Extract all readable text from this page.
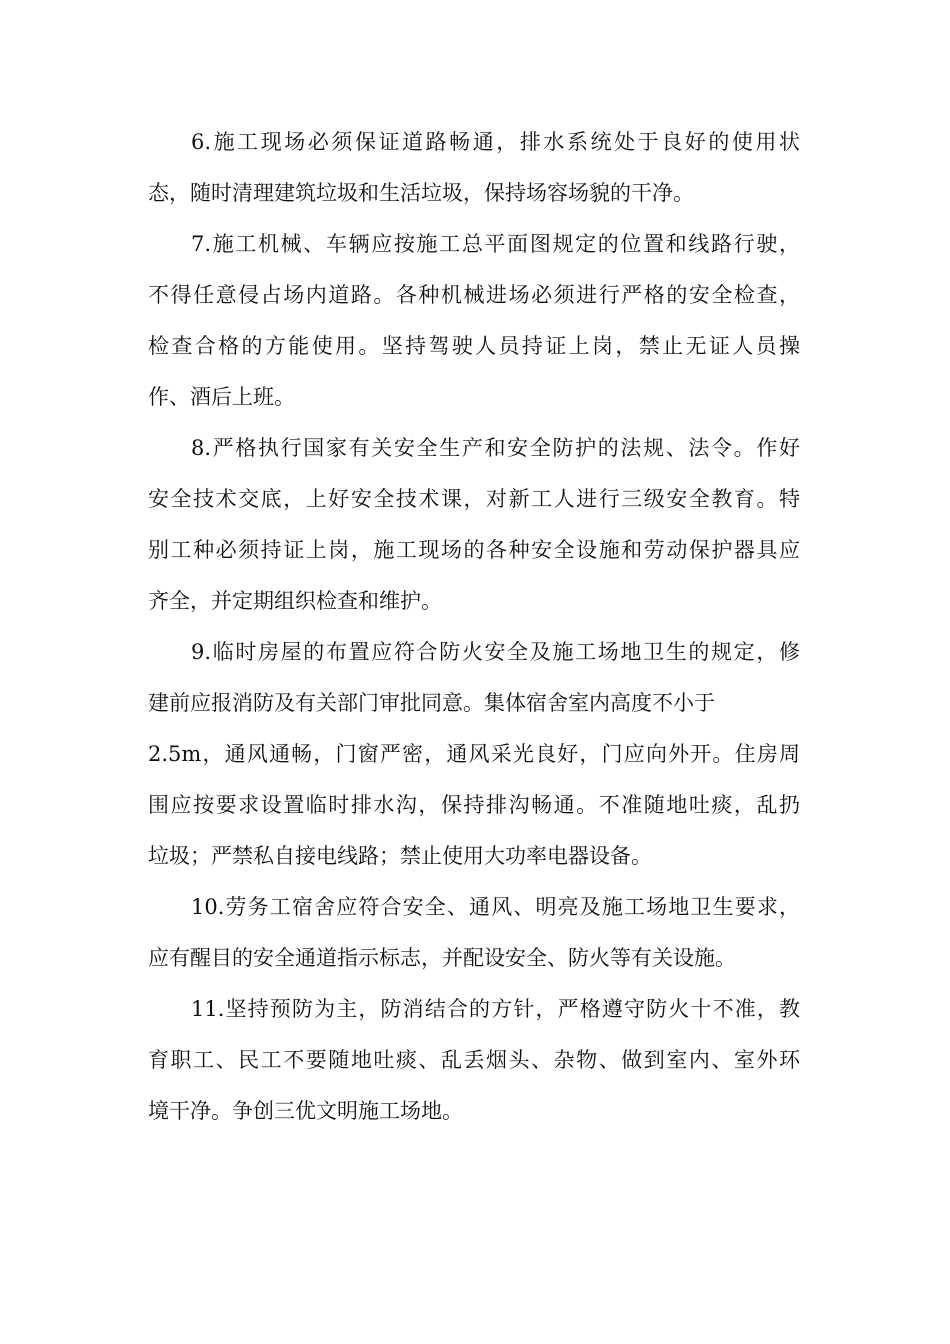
6.施工现场必须保证道路畅通，排水系统处于良好的使用状
态，随时清理建筑垃圾和生活垃圾，保持场容场貌的干净。
7.施工机械、车辆应按施工总平面图规定的位置和线路行驶，
不得任意侵占场内道路。各种机械进场必须进行严格的安全检查，
检查合格的方能使用。坚持驾驶人员持证上岗，禁止无证人员操
作、酒后上班。
8.严格执行国家有关安全生产和安全防护的法规、法令。作好
安全技术交底，上好安全技术课，对新工人进行三级安全教育。特
别工种必须持证上岗，施工现场的各种安全设施和劳动保护器具应
齐全，并定期组织检查和维护。
9.临时房屋的布置应符合防火安全及施工场地卫生的规定，修
建前应报消防及有关部门审批同意。集体宿舍室内高度不小于
2.5m，通风通畅，门窗严密，通风采光良好，门应向外开。住房周
围应按要求设置临时排水沟，保持排沟畅通。不准随地吐痰，乱扔
垃圾；严禁私自接电线路；禁止使用大功率电器设备。
10.劳务工宿舍应符合安全、通风、明亮及施工场地卫生要求，
应有醒目的安全通道指示标志，并配设安全、防火等有关设施。
11.坚持预防为主，防消结合的方针，严格遵守防火十不准，教
育职工、民工不要随地吐痰、乱丢烟头、杂物、做到室内、室外环
境干净。争创三优文明施工场地。
